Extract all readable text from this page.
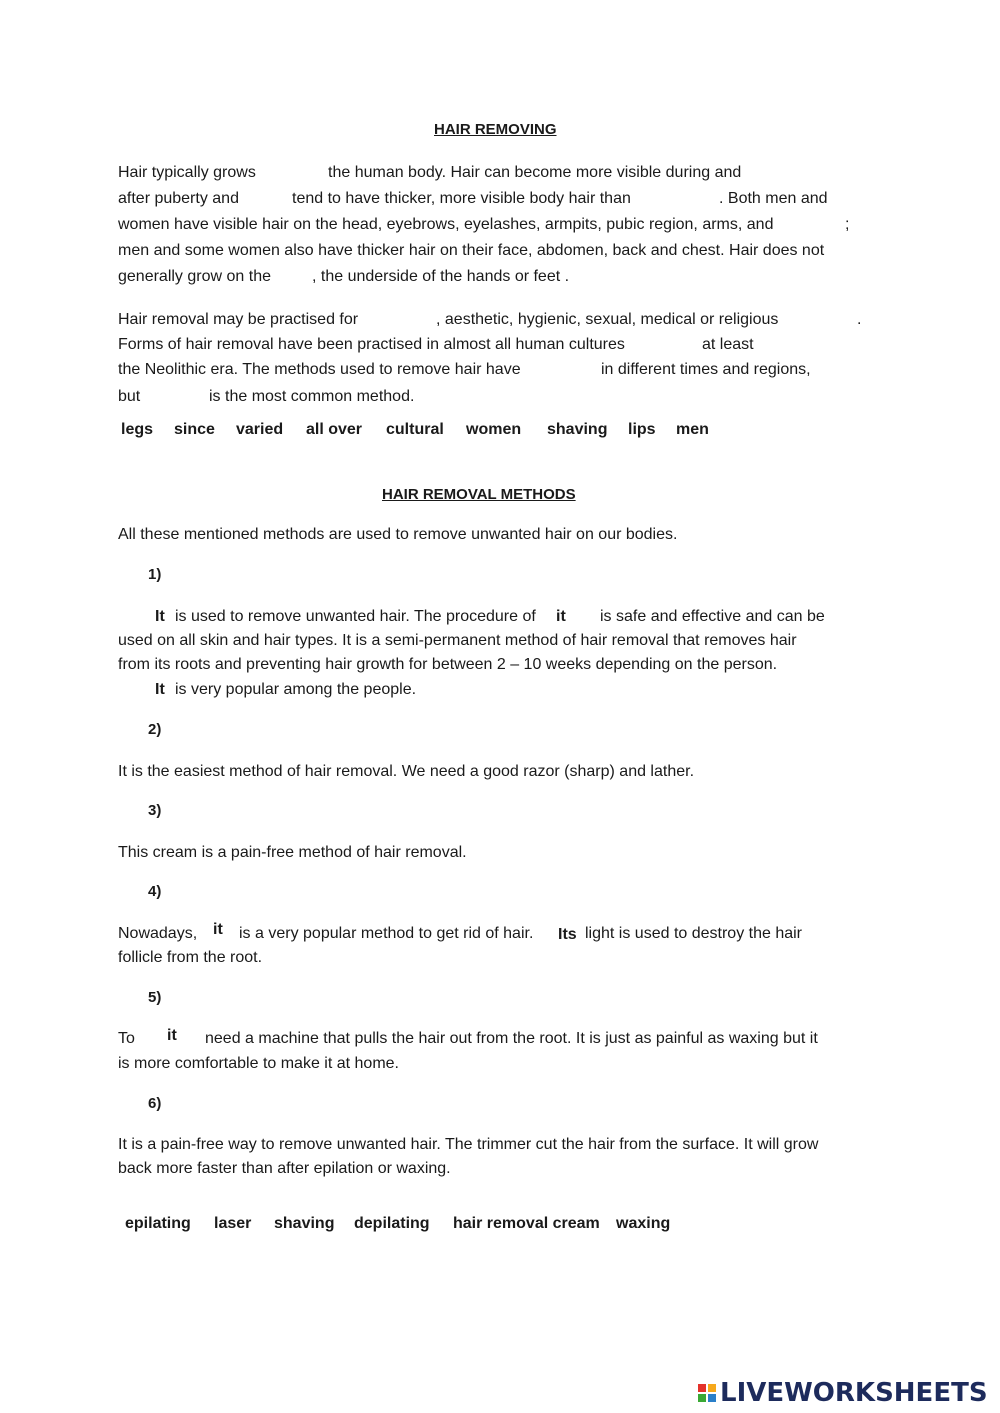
HAIR REMOVING
Hair typically grows	the human body. Hair can become more visible during and
after puberty and	tend to have thicker, more visible body hair than	. Both men and
women have visible hair on the head, eyebrows, eyelashes, armpits, pubic region, arms, and	;
men and some women also have thicker hair on their face, abdomen, back and chest. Hair does not
generally grow on the	, the underside of the hands or feet .
Hair removal may be practised for	, aesthetic, hygienic, sexual, medical or religious	.
Forms of hair removal have been practised in almost all human cultures	at least
the Neolithic era. The methods used to remove hair have	in different times and regions,
but	is the most common method.
legs since varied all over cultural women shaving lips men
HAIR REMOVAL METHODS
All these mentioned methods are used to remove unwanted hair on our bodies.
1)
It is used to remove unwanted hair. The procedure of it is safe and effective and can be
used on all skin and hair types. It is a semi-permanent method of hair removal that removes hair
from its roots and preventing hair growth for between 2 – 10 weeks depending on the person.
It is very popular among the people.
2)
It is the easiest method of hair removal. We need a good razor (sharp) and lather.
3)
This cream is a pain-free method of hair removal.
4)
Nowadays, it is a very popular method to get rid of hair. Its light is used to destroy the hair
follicle from the root.
5)
To it need a machine that pulls the hair out from the root. It is just as painful as waxing but it
is more comfortable to make it at home.
6)
It is a pain-free way to remove unwanted hair. The trimmer cut the hair from the surface. It will grow
back more faster than after epilation or waxing.
epilating laser shaving depilating hair removal cream waxing
LIVEWORKSHEETS
